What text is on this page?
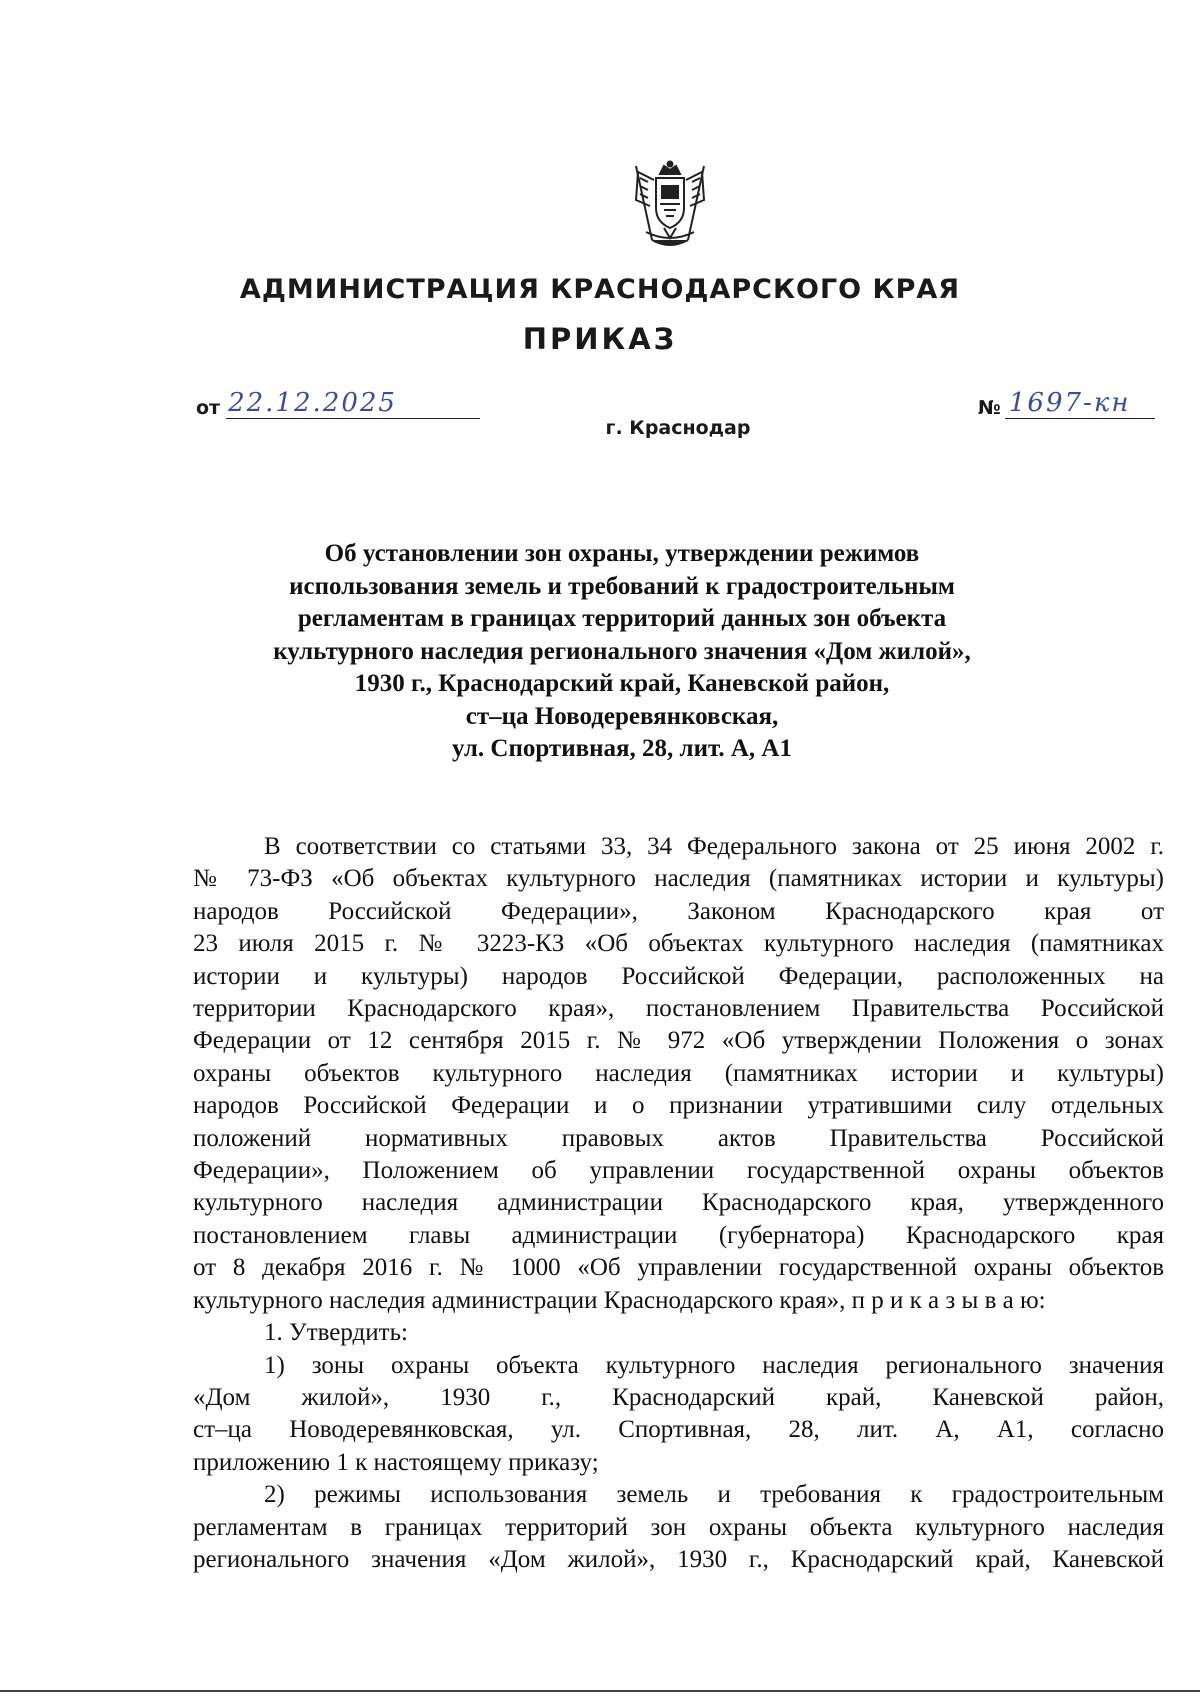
АДМИНИСТРАЦИЯ КРАСНОДАРСКОГО КРАЯ
ПРИКАЗ
от 22.12.2025	№ 1697-кн
г. Краснодар
Об установлении зон охраны, утверждении режимов
использования земель и требований к градостроительным
регламентам в границах территорий данных зон объекта
культурного наследия регионального значения «Дом жилой»,
1930 г., Краснодарский край, Каневской район,
ст–ца Новодеревянковская,
ул. Спортивная, 28, лит. А, А1
В соответствии со статьями 33, 34 Федерального закона от 25 июня 2002 г.
№ 73-ФЗ «Об объектах культурного наследия (памятниках истории и культуры)
народов Российской Федерации», Законом Краснодарского края от
23 июля 2015 г. № 3223-КЗ «Об объектах культурного наследия (памятниках
истории и культуры) народов Российской Федерации, расположенных на
территории Краснодарского края», постановлением Правительства Российской
Федерации от 12 сентября 2015 г. № 972 «Об утверждении Положения о зонах
охраны объектов культурного наследия (памятниках истории и культуры)
народов Российской Федерации и о признании утратившими силу отдельных
положений нормативных правовых актов Правительства Российской
Федерации», Положением об управлении государственной охраны объектов
культурного наследия администрации Краснодарского края, утвержденного
постановлением главы администрации (губернатора) Краснодарского края
от 8 декабря 2016 г. № 1000 «Об управлении государственной охраны объектов
культурного наследия администрации Краснодарского края», п р и к а з ы в а ю:
1. Утвердить:
1) зоны охраны объекта культурного наследия регионального значения
«Дом жилой», 1930 г., Краснодарский край, Каневской район,
ст–ца Новодеревянковская, ул. Спортивная, 28, лит. А, А1, согласно
приложению 1 к настоящему приказу;
2) режимы использования земель и требования к градостроительным
регламентам в границах территорий зон охраны объекта культурного наследия
регионального значения «Дом жилой», 1930 г., Краснодарский край, Каневской
